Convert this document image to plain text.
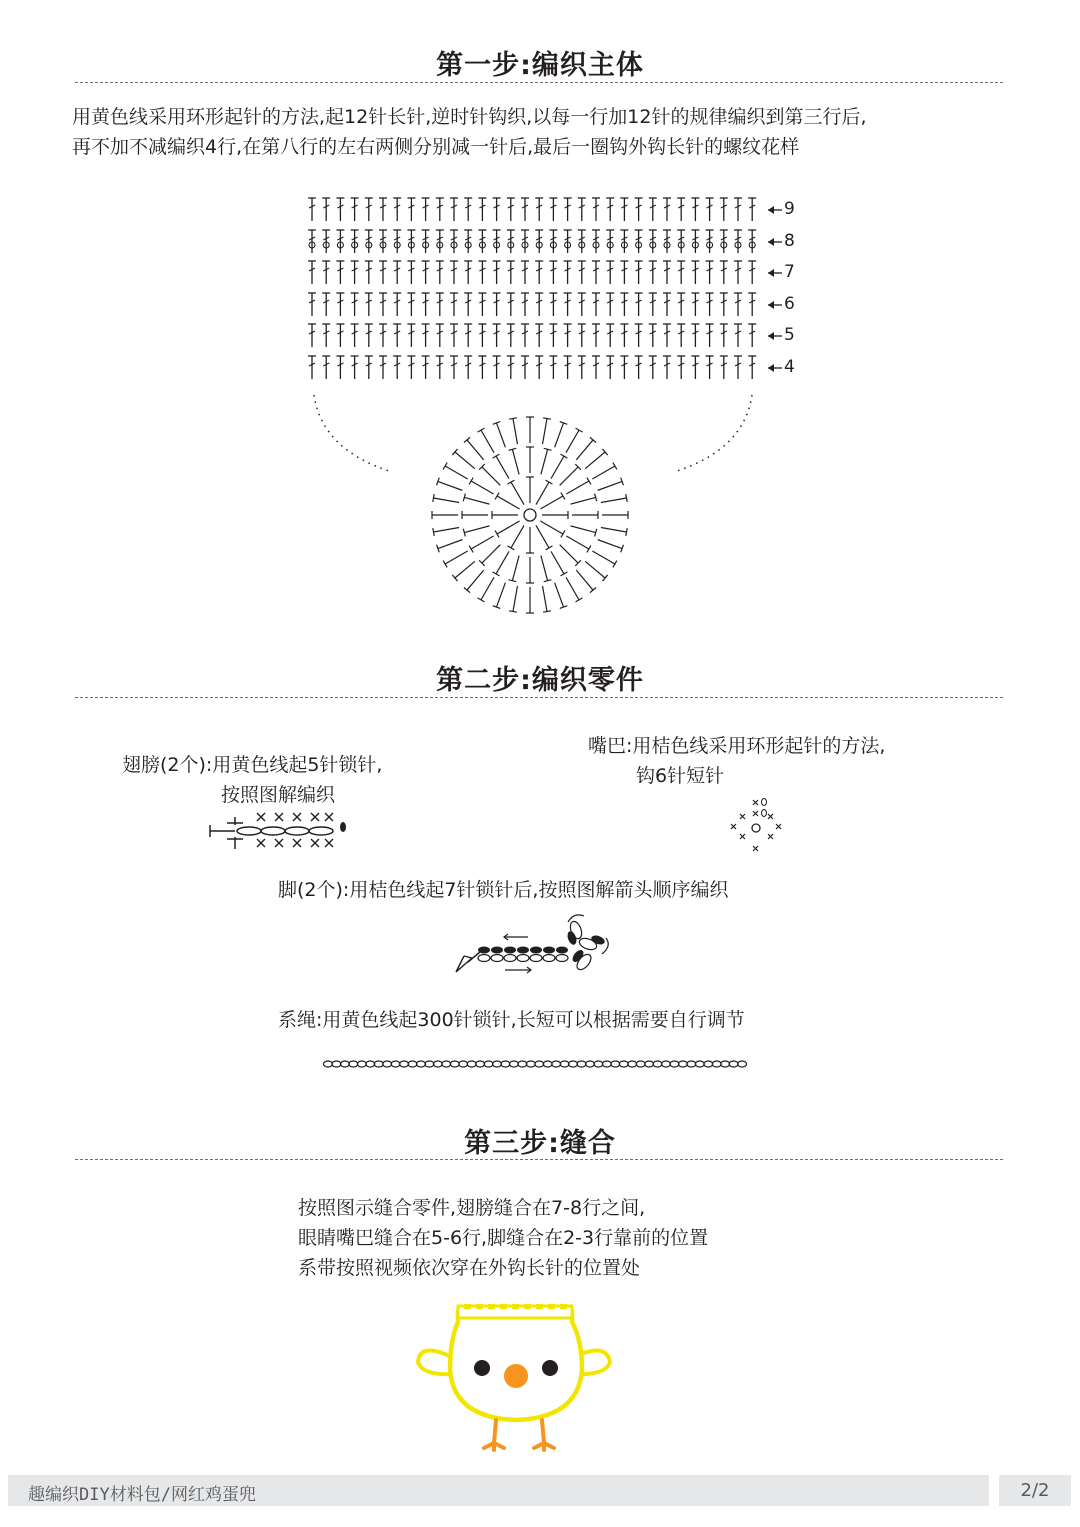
第一步:编织主体
用黄色线采用环形起针的方法,起12针长针,逆时针钩织,以每一行加12针的规律编织到第三行后,
再不加不减编织4行,在第八行的左右两侧分别减一针后,最后一圈钩外钩长针的螺纹花样
9
8
7
6
5
4
第二步:编织零件
翅膀(2个):用黄色线起5针锁针,
按照图解编织
嘴巴:用桔色线采用环形起针的方法,
钩6针短针
脚(2个):用桔色线起7针锁针后,按照图解箭头顺序编织
系绳:用黄色线起300针锁针,长短可以根据需要自行调节
第三步:缝合
按照图示缝合零件,翅膀缝合在7-8行之间,
眼睛嘴巴缝合在5-6行,脚缝合在2-3行靠前的位置
系带按照视频依次穿在外钩长针的位置处
趣编织DIY材料包/网红鸡蛋兜	2/2
